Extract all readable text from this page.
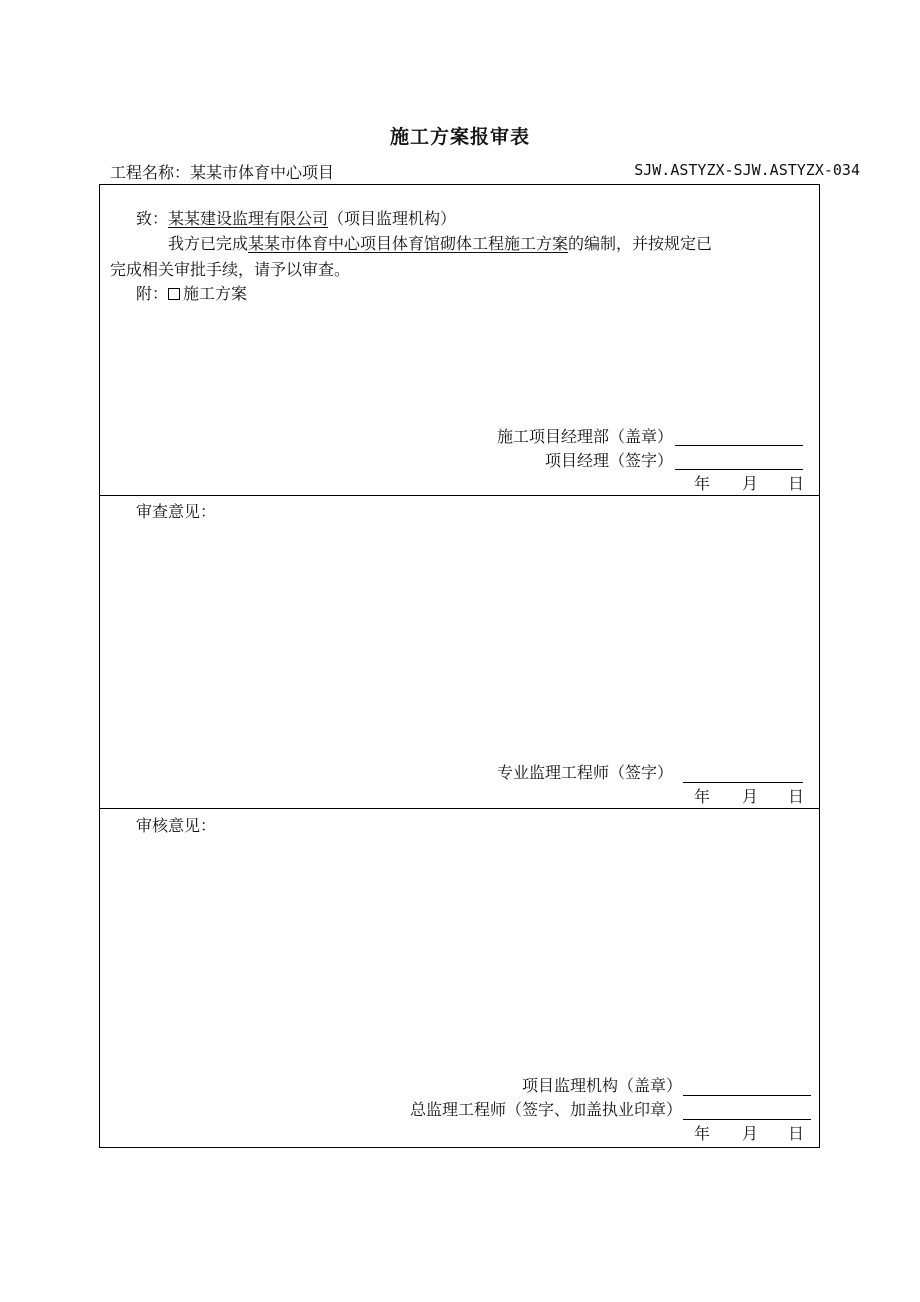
施工方案报审表
工程名称：某某市体育中心项目	SJW.ASTYZX-SJW.ASTYZX-034
致：某某建设监理有限公司（项目监理机构）
我方已完成某某市体育中心项目体育馆砌体工程施工方案的编制，并按规定已
完成相关审批手续，请予以审查。
附： 施工方案
施工项目经理部（盖章）
项目经理（签字）
年 月 日
审查意见：
专业监理工程师（签字）
年 月 日
审核意见：
项目监理机构（盖章）
总监理工程师（签字、加盖执业印章）
年 月 日
